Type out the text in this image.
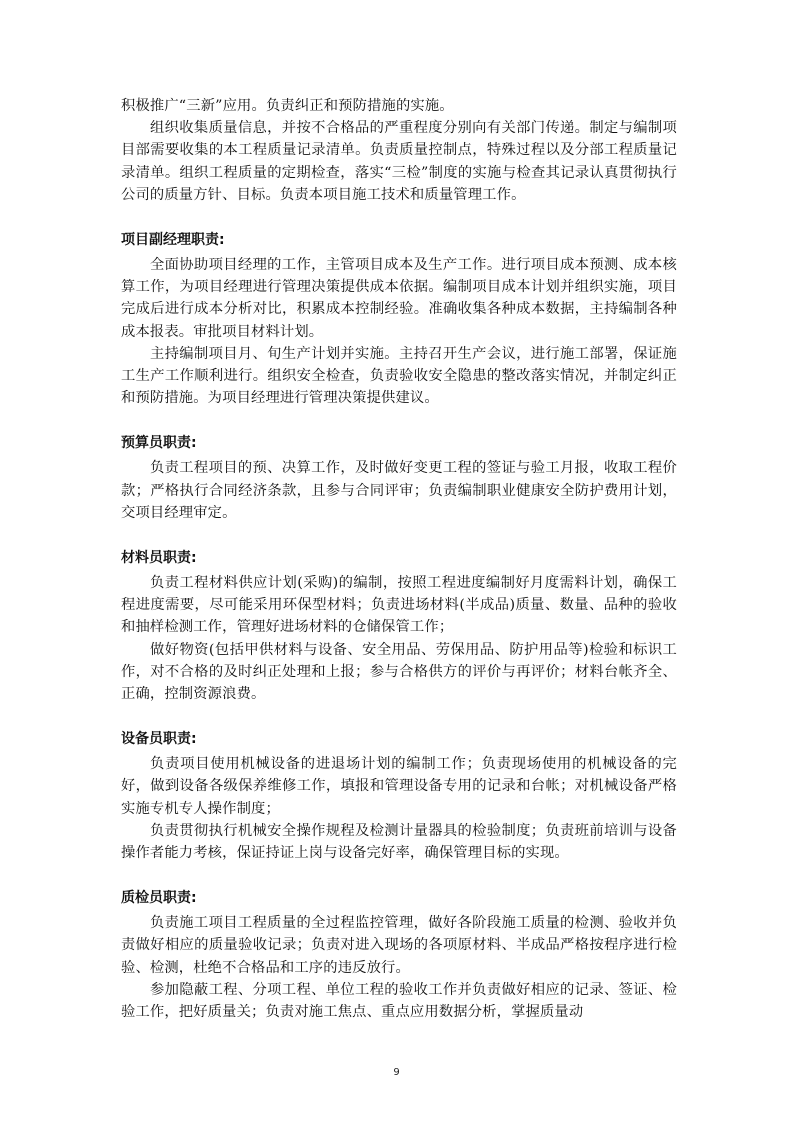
积极推广“三新”应用。负责纠正和预防措施的实施。

组织收集质量信息，并按不合格品的严重程度分别向有关部门传递。制定与编制项目部需要收集的本工程质量记录清单。负责质量控制点，特殊过程以及分部工程质量记录清单。组织工程质量的定期检查，落实“三检”制度的实施与检查其记录认真贯彻执行公司的质量方针、目标。负责本项目施工技术和质量管理工作。

项目副经理职责:

全面协助项目经理的工作，主管项目成本及生产工作。进行项目成本预测、成本核算工作，为项目经理进行管理决策提供成本依据。编制项目成本计划并组织实施，项目完成后进行成本分析对比，积累成本控制经验。准确收集各种成本数据，主持编制各种成本报表。审批项目材料计划。

主持编制项目月、旬生产计划并实施。主持召开生产会议，进行施工部署，保证施工生产工作顺利进行。组织安全检查，负责验收安全隐患的整改落实情况，并制定纠正和预防措施。为项目经理进行管理决策提供建议。

预算员职责:

负责工程项目的预、决算工作，及时做好变更工程的签证与验工月报，收取工程价款；严格执行合同经济条款，且参与合同评审；负责编制职业健康安全防护费用计划，交项目经理审定。

材料员职责:

负责工程材料供应计划(采购)的编制，按照工程进度编制好月度需料计划，确保工程进度需要，尽可能采用环保型材料；负责进场材料(半成品)质量、数量、品种的验收和抽样检测工作，管理好进场材料的仓储保管工作；

做好物资(包括甲供材料与设备、安全用品、劳保用品、防护用品等)检验和标识工作，对不合格的及时纠正处理和上报；参与合格供方的评价与再评价；材料台帐齐全、正确，控制资源浪费。

设备员职责:

负责项目使用机械设备的进退场计划的编制工作；负责现场使用的机械设备的完好，做到设备各级保养维修工作，填报和管理设备专用的记录和台帐；对机械设备严格实施专机专人操作制度；

负责贯彻执行机械安全操作规程及检测计量器具的检验制度；负责班前培训与设备操作者能力考核，保证持证上岗与设备完好率，确保管理目标的实现。

质检员职责:

负责施工项目工程质量的全过程监控管理，做好各阶段施工质量的检测、验收并负责做好相应的质量验收记录；负责对进入现场的各项原材料、半成品严格按程序进行检验、检测，杜绝不合格品和工序的违反放行。

参加隐蔽工程、分项工程、单位工程的验收工作并负责做好相应的记录、签证、检验工作，把好质量关；负责对施工焦点、重点应用数据分析，掌握质量动

9
